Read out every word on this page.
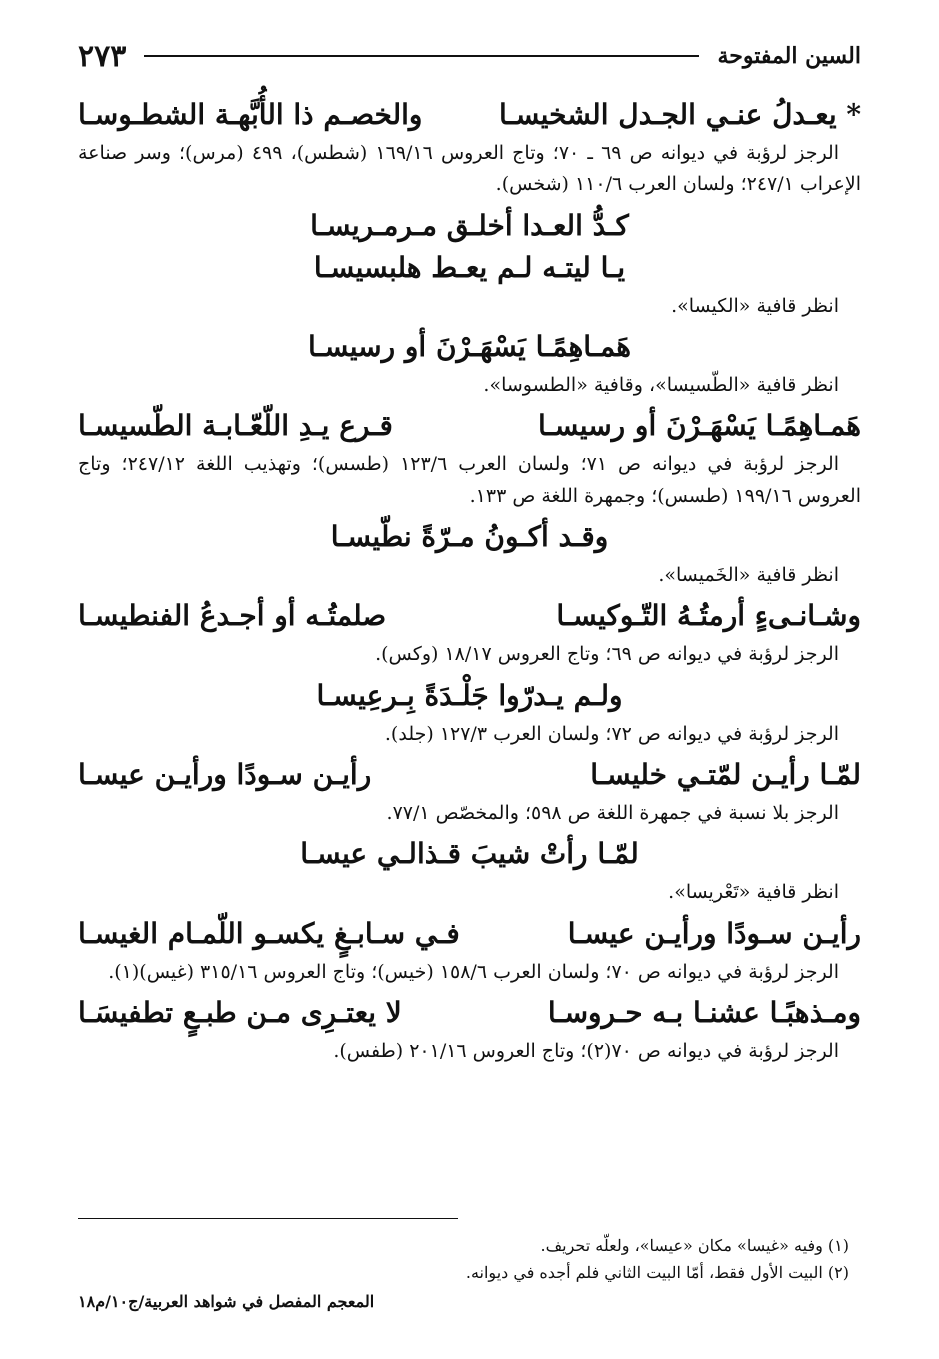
السين المفتوحة
٢٧٣
* يعـدلُ عنـي الجـدل الشخيسـا
والخصـم ذا الأُبَّهـة الشطـوسـا
الرجز لرؤبة في ديوانه ص ٦٩ ـ ٧٠؛ وتاج العروس ١٦٩/١٦ (شطس)، ٤٩٩ (مرس)؛ وسر صناعة الإعراب ٢٤٧/١؛ ولسان العرب ١١٠/٦ (شخس).
كـدُّ العـدا أخلـق مـرمـريسـا
يـا ليتـه لـم يعـط هلبسيسـا
انظر قافية «الكيسا».
هَمـاهِمًـا يَسْهَـرْنَ أو رسيسـا
انظر قافية «الطّسيسا»، وقافية «الطسوسا».
هَمـاهِمًـا يَسْهَـرْنَ أو رسيسـا
قـرع يـدِ اللّعّـابـة الطّسيسـا
الرجز لرؤبة في ديوانه ص ٧١؛ ولسان العرب ١٢٣/٦ (طسس)؛ وتهذيب اللغة ٢٤٧/١٢؛ وتاج العروس ١٩٩/١٦ (طسس)؛ وجمهرة اللغة ص ١٣٣.
وقـد أكـونُ مـرّةً نطّيسـا
انظر قافية «الخَميسا».
وشـانـىءٍ أرمتُـهُ التّـوكيسـا
صلمتُـه أو أجـدعُ الفنطيسـا
الرجز لرؤبة في ديوانه ص ٦٩؛ وتاج العروس ١٨/١٧ (وكس).
ولـم يـدرّوا جَلْـدَةً بِـرعِيسـا
الرجز لرؤبة في ديوانه ص ٧٢؛ ولسان العرب ١٢٧/٣ (جلد).
لمّـا رأيـن لمّتـي خليسـا
رأيـن سـودًا ورأيـن عيسـا
الرجز بلا نسبة في جمهرة اللغة ص ٥٩٨؛ والمخصّص ٧٧/١.
لمّـا رأتْ شيبَ قـذالـي عيسـا
انظر قافية «تَعْريسا».
رأيـن سـودًا ورأيـن عيسـا
فـي سـابـغٍ يكسـو اللّمـام الغيسـا
الرجز لرؤبة في ديوانه ص ٧٠؛ ولسان العرب ١٥٨/٦ (خيس)؛ وتاج العروس ٣١٥/١٦ (غيس)(١).
ومـذهبًـا عشنـا بـه حـروسـا
لا يعتـرِى مـن طبـعٍ تطفيسَـا
الرجز لرؤبة في ديوانه ص ٧٠(٢)؛ وتاج العروس ٢٠١/١٦ (طفس).
(١) وفيه «غيسا» مكان «عيسا»، ولعلّه تحريف.
(٢) البيت الأول فقط، أمّا البيت الثاني فلم أجده في ديوانه.
المعجم المفصل في شواهد العربية/ج١٠/م١٨
